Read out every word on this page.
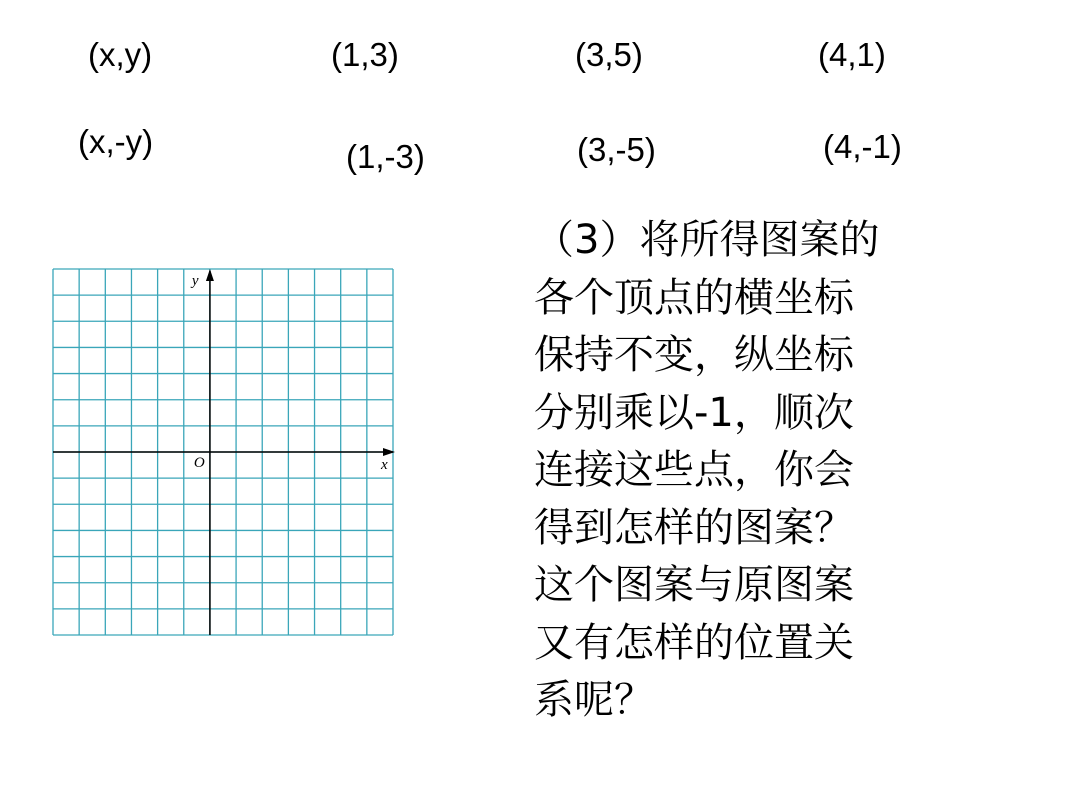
(x,y)	(1,3)	(3,5)	(4,1)
(x,-y)	(1,-3)	(3,-5)	(4,-1)
y
x
O
（3）将所得图案的
各个顶点的横坐标
保持不变，纵坐标
分别乘以-1，顺次
连接这些点，你会
得到怎样的图案？
这个图案与原图案
又有怎样的位置关
系呢？
